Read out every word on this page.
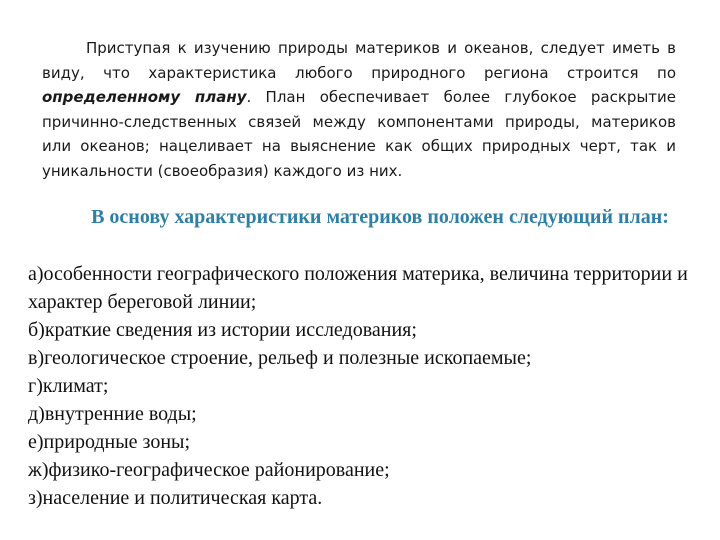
Приступая к изучению природы материков и океанов, следует иметь в виду, что характеристика любого природного региона строится по определенному плану. План обеспечивает более глубокое раскрытие причинно-следственных связей между компонентами природы, материков или океанов; нацеливает на выяснение как общих природных черт, так и уникальности (своеобразия) каждого из них.

В основу характеристики материков положен следующий план:
а)особенности географического положения материка, величина территории и характер береговой линии;
б)краткие сведения из истории исследования;
в)геологическое строение, рельеф и полезные ископаемые;
г)климат;
д)внутренние воды;
е)природные зоны;
ж)физико-географическое районирование;
з)население и политическая карта.
